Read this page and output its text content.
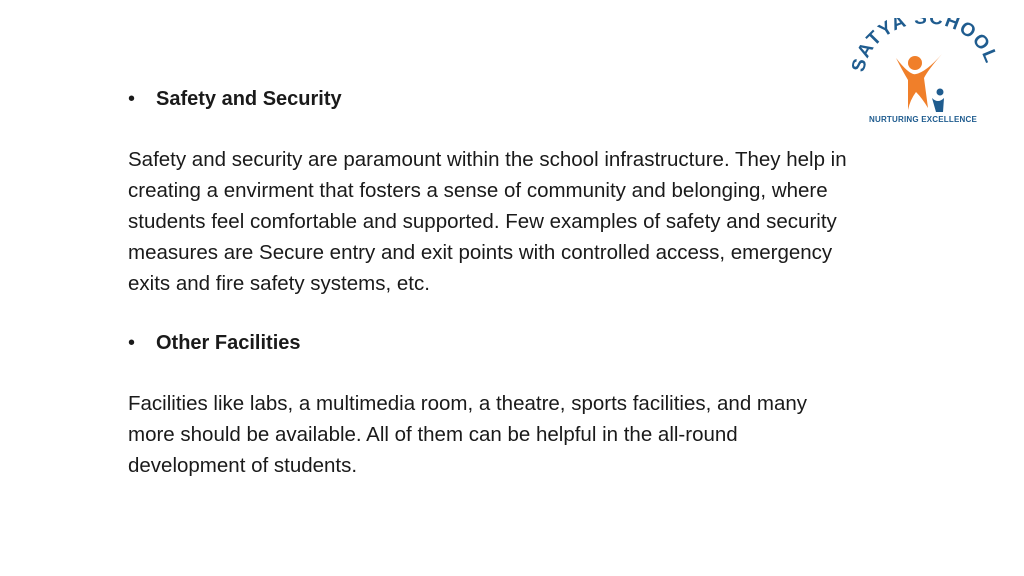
SATYA SCHOOL
NURTURING EXCELLENCE
• Safety and Security

Safety and security are paramount within the school infrastructure. They help in creating a envirment that fosters a sense of community and belonging, where students feel comfortable and supported. Few examples of safety and security measures are Secure entry and exit points with controlled access, emergency exits and fire safety systems, etc.

• Other Facilities

Facilities like labs, a multimedia room, a theatre, sports facilities, and many more should be available. All of them can be helpful in the all-round development of students.
